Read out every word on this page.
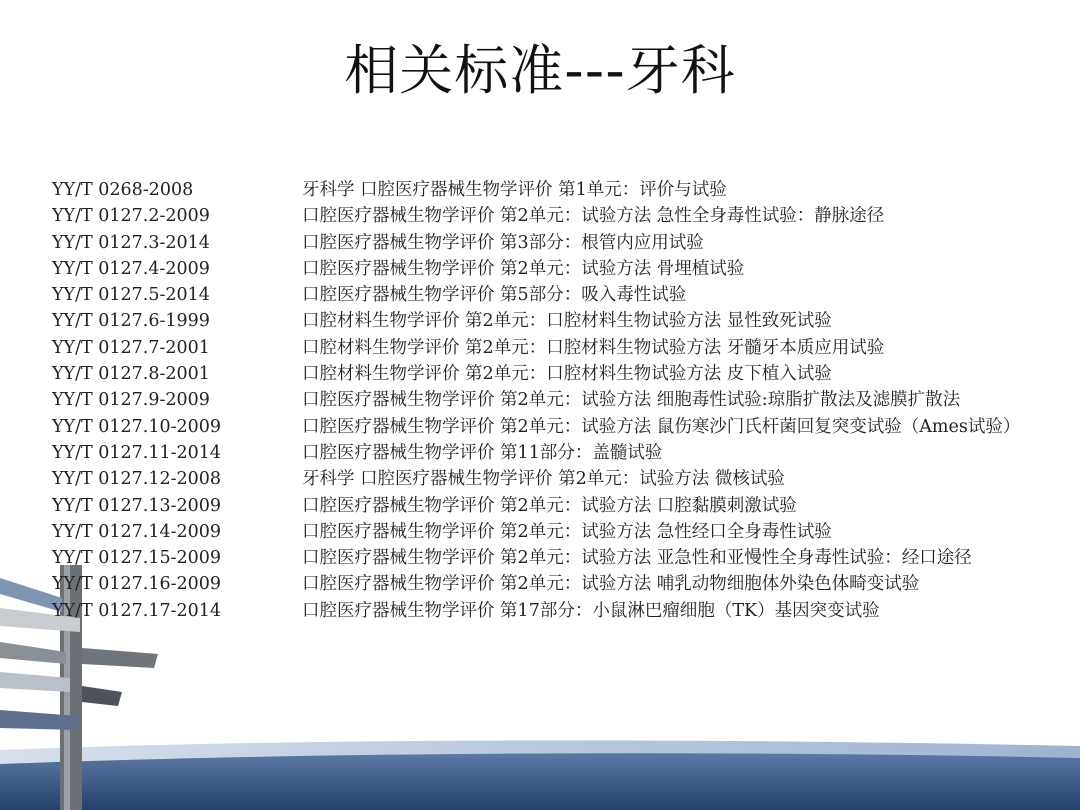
相关标准---牙科
YY/T 0268-2008	牙科学 口腔医疗器械生物学评价 第1单元：评价与试验
YY/T 0127.2-2009	口腔医疗器械生物学评价 第2单元：试验方法 急性全身毒性试验：静脉途径
YY/T 0127.3-2014	口腔医疗器械生物学评价 第3部分：根管内应用试验
YY/T 0127.4-2009	口腔医疗器械生物学评价 第2单元：试验方法 骨埋植试验
YY/T 0127.5-2014	口腔医疗器械生物学评价 第5部分：吸入毒性试验
YY/T 0127.6-1999	口腔材料生物学评价 第2单元：口腔材料生物试验方法 显性致死试验
YY/T 0127.7-2001	口腔材料生物学评价 第2单元：口腔材料生物试验方法 牙髓牙本质应用试验
YY/T 0127.8-2001	口腔材料生物学评价 第2单元：口腔材料生物试验方法 皮下植入试验
YY/T 0127.9-2009	口腔医疗器械生物学评价 第2单元：试验方法 细胞毒性试验:琼脂扩散法及滤膜扩散法
YY/T 0127.10-2009	口腔医疗器械生物学评价 第2单元：试验方法 鼠伤寒沙门氏杆菌回复突变试验（Ames试验）
YY/T 0127.11-2014	口腔医疗器械生物学评价 第11部分：盖髓试验
YY/T 0127.12-2008	牙科学 口腔医疗器械生物学评价 第2单元：试验方法 微核试验
YY/T 0127.13-2009	口腔医疗器械生物学评价 第2单元：试验方法 口腔黏膜刺激试验
YY/T 0127.14-2009	口腔医疗器械生物学评价 第2单元：试验方法 急性经口全身毒性试验
YY/T 0127.15-2009	口腔医疗器械生物学评价 第2单元：试验方法 亚急性和亚慢性全身毒性试验：经口途径
YY/T 0127.16-2009	口腔医疗器械生物学评价 第2单元：试验方法 哺乳动物细胞体外染色体畸变试验
YY/T 0127.17-2014	口腔医疗器械生物学评价 第17部分：小鼠淋巴瘤细胞（TK）基因突变试验
